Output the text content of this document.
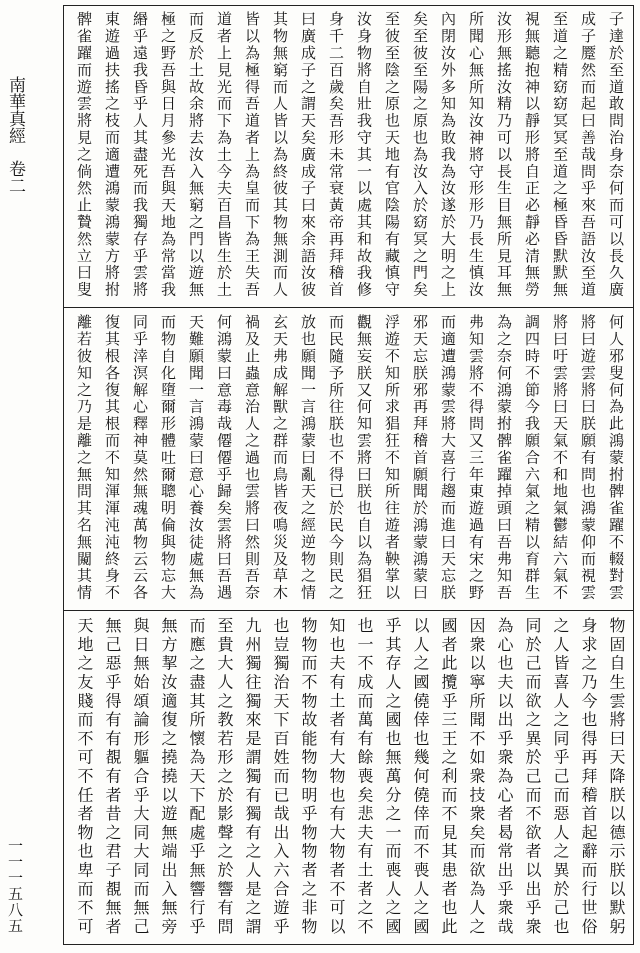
南華真經
卷二
一一一五八五
子達於至道敢問治身奈何而可以長久廣
成子蹷然而起曰善哉問乎來吾語汝至道
至道之精窈窈冥冥至道之極昏昏默默無
視無聽抱神以靜形將自正必靜必清無勞
汝形無搖汝精乃可以長生目無所見耳無
所聞心無所知汝神將守形形乃長生慎汝
內閉汝外多知為敗我為汝遂於大明之上
矣至彼至陽之原也為汝入於窈冥之門矣
至彼至陰之原也天地有官陰陽有藏慎守
汝身物將自壯我守其一以處其和故我修
身千二百歲矣吾形未常衰黃帝再拜稽首
曰廣成子之謂天矣廣成子曰來余語汝彼
其物無窮而人皆以為終彼其物無測而人
皆以為極得吾道者上為皇而下為王失吾
道者上見光而下為土今夫百昌皆生於土
而反於土故余將去汝入無窮之門以遊無
極之野吾與日月參光吾與天地為常當我
緡乎遠我昏乎人其盡死而我獨存乎雲將
東遊過扶搖之枝而適遭鴻蒙鴻蒙方將拊
髀雀躍而遊雲將見之倘然止贄然立曰叟
何人邪叟何為此鴻蒙拊髀雀躍不輟對雲
將曰遊雲將曰朕願有問也鴻蒙仰而視雲
將曰吁雲將曰天氣不和地氣鬱結六氣不
調四時不節今我願合六氣之精以育群生
為之奈何鴻蒙拊髀雀躍掉頭曰吾弗知吾
弗知雲將不得問又三年東遊過有宋之野
而適遭鴻蒙雲將大喜行趨而進曰天忘朕
邪天忘朕邪再拜稽首願聞於鴻蒙鴻蒙曰
浮遊不知所求猖狂不知所往遊者鞅掌以
觀無妄朕又何知雲將曰朕也自以為猖狂
而民隨予所往朕也不得已於民今則民之
放也願聞一言鴻蒙曰亂天之經逆物之情
玄天弗成解獸之群而鳥皆夜鳴災及草木
禍及止蟲意治人之過也雲將曰然則吾奈
何鴻蒙曰意毒哉僊僊乎歸矣雲將曰吾遇
天難願聞一言鴻蒙曰意心養汝徒處無為
而物自化墮爾形體吐爾聰明倫與物忘大
同乎涬溟解心釋神莫然無魂萬物云云各
復其根各復其根而不知渾渾沌沌終身不
離若彼知之乃是離之無問其名無闚其情
物固自生雲將曰天降朕以德示朕以默躬
身求之乃今也得再拜稽首起辭而行世俗
之人皆喜人之同乎己而惡人之異於己也
同於己而欲之異於己而不欲者以出乎衆
為心也夫以出乎衆為心者曷常出乎衆哉
因衆以寧所聞不如衆技衆矣而欲為人之
國者此攬乎三王之利而不見其患者也此
以人之國僥倖也幾何僥倖而不喪人之國
乎其存人之國也無萬分之一而喪人之國
也一不成而萬有餘喪矣悲夫有土者之不
知也夫有土者有大物也有大物者不可以
物物而不物故能物物明乎物物者之非物
也豈獨治天下百姓而已哉出入六合遊乎
九州獨往獨來是謂獨有獨有之人是之謂
至貴大人之教若形之於影聲之於響有問
而應之盡其所懷為天下配處乎無響行乎
無方挈汝適復之撓撓以遊無端出入無旁
與日無始頌論形軀合乎大同大同而無己
無己惡乎得有有覩有者昔之君子覩無者
天地之友賤而不可不任者物也卑而不可
